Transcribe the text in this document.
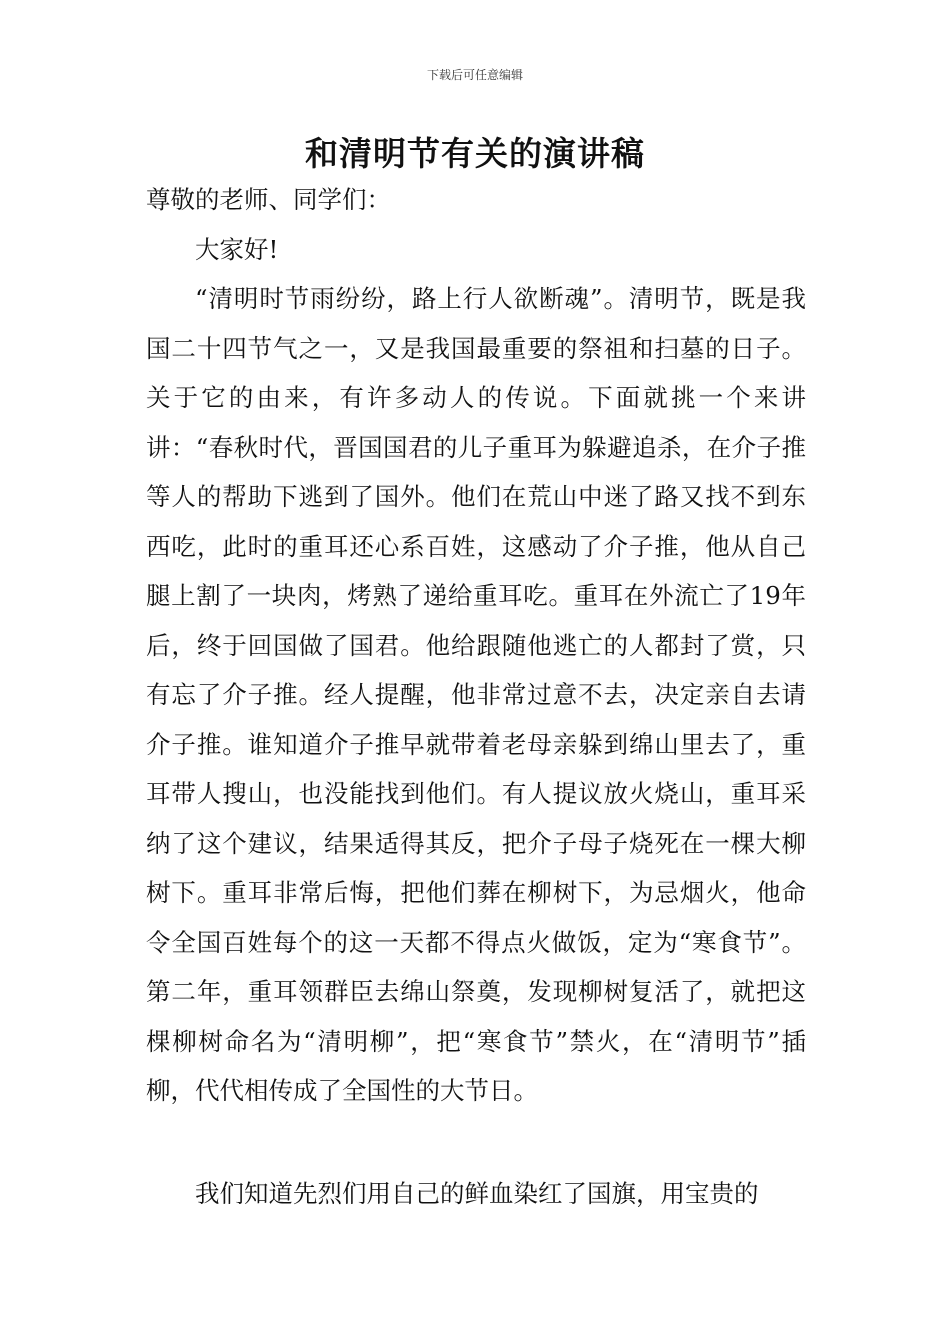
下载后可任意编辑
和清明节有关的演讲稿

尊敬的老师、同学们：

大家好!

“清明时节雨纷纷，路上行人欲断魂”。清明节，既是我国二十四节气之一，又是我国最重要的祭祖和扫墓的日子。关于它的由来，有许多动人的传说。下面就挑一个来讲讲：“春秋时代，晋国国君的儿子重耳为躲避追杀，在介子推等人的帮助下逃到了国外。他们在荒山中迷了路又找不到东西吃，此时的重耳还心系百姓，这感动了介子推，他从自己腿上割了一块肉，烤熟了递给重耳吃。重耳在外流亡了19年后，终于回国做了国君。他给跟随他逃亡的人都封了赏，只有忘了介子推。经人提醒，他非常过意不去，决定亲自去请介子推。谁知道介子推早就带着老母亲躲到绵山里去了，重耳带人搜山，也没能找到他们。有人提议放火烧山，重耳采纳了这个建议，结果适得其反，把介子母子烧死在一棵大柳树下。重耳非常后悔，把他们葬在柳树下，为忌烟火，他命令全国百姓每个的这一天都不得点火做饭，定为“寒食节”。第二年，重耳领群臣去绵山祭奠，发现柳树复活了，就把这棵柳树命名为“清明柳”，把“寒食节”禁火，在“清明节”插柳，代代相传成了全国性的大节日。

我们知道先烈们用自己的鲜血染红了国旗，用宝贵的
